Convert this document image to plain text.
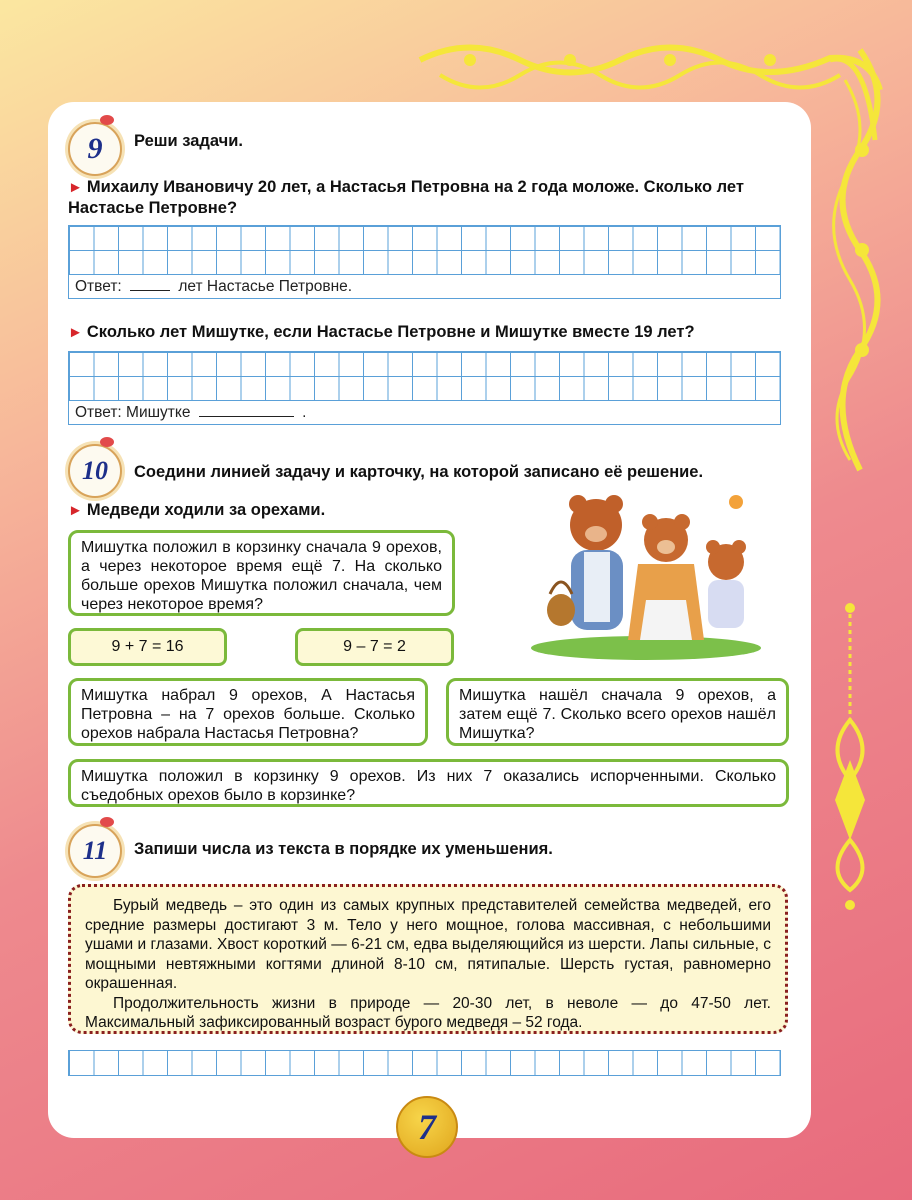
9 Реши задачи.
► Михаилу Ивановичу 20 лет, а Настасья Петровна на 2 года моложе. Сколько лет Настасье Петровне?
Ответ:	лет Настасье Петровне.
► Сколько лет Мишутке, если Настасье Петровне и Мишутке вместе 19 лет?
Ответ: Мишутке	.
10 Соедини линией задачу и карточку, на которой записано её решение.
► Медведи ходили за орехами.
Мишутка положил в корзинку сначала 9 орехов, а через некоторое время ещё 7. На сколько больше орехов Мишутка положил сначала, чем через некоторое время?
9 + 7 = 16	9 – 7 = 2
Мишутка набрал 9 орехов, А Настасья Петровна – на 7 орехов больше. Сколько орехов набрала Настасья Петровна?
Мишутка нашёл сначала 9 орехов, а затем ещё 7. Сколько всего орехов нашёл Мишутка?
Мишутка положил в корзинку 9 орехов. Из них 7 оказались испорченными. Сколько съедобных орехов было в корзинке?
11 Запиши числа из текста в порядке их уменьшения.

Бурый медведь – это один из самых крупных представителей семейства медведей, его средние размеры достигают 3 м. Тело у него мощное, голова массивная, с небольшими ушами и глазами. Хвост короткий — 6-21 см, едва выделяющийся из шерсти. Лапы сильные, с мощными невтяжными когтями длиной 8-10 см, пятипалые. Шерсть густая, равномерно окрашенная.

Продолжительность жизни в природе — 20-30 лет, в неволе — до 47-50 лет. Максимальный зафиксированный возраст бурого медведя – 52 года.

7
